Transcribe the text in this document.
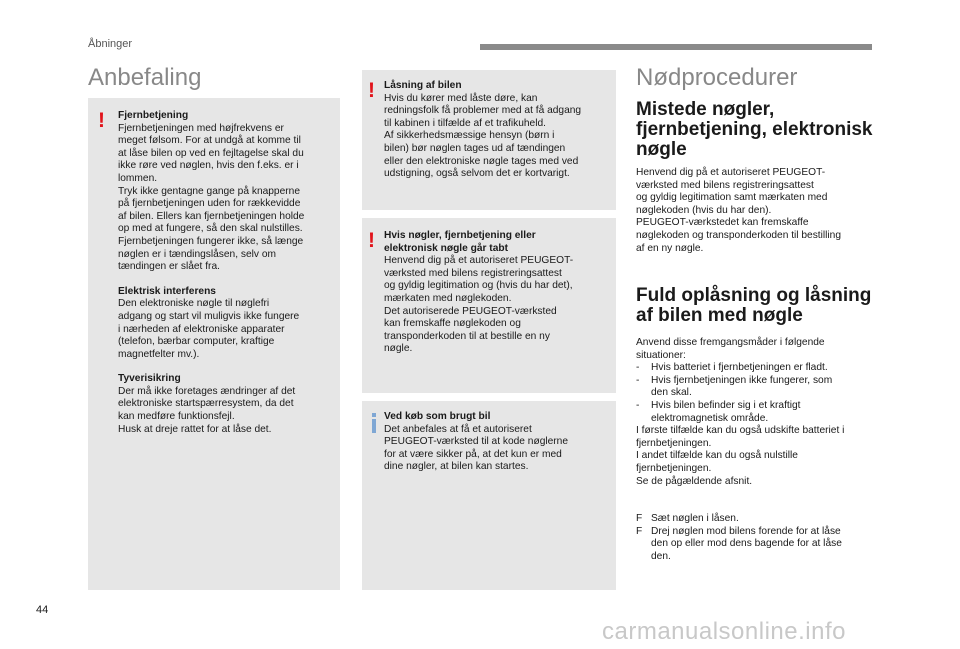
Åbninger
Anbefaling	Nødprocedurer
! Fjernbetjening

Fjernbetjeningen med højfrekvens er

meget følsom. For at undgå at komme til

at låse bilen op ved en fejltagelse skal du

ikke røre ved nøglen, hvis den f.eks. er i

lommen.

Tryk ikke gentagne gange på knapperne

på fjernbetjeningen uden for rækkevidde

af bilen. Ellers kan fjernbetjeningen holde

op med at fungere, så den skal nulstilles.

Fjernbetjeningen fungerer ikke, så længe

nøglen er i tændingslåsen, selv om

tændingen er slået fra.

Elektrisk interferens

Den elektroniske nøgle til nøglefri

adgang og start vil muligvis ikke fungere

i nærheden af elektroniske apparater

(telefon, bærbar computer, kraftige

magnetfelter mv.).

Tyverisikring

Der må ikke foretages ændringer af det

elektroniske startspærresystem, da det

kan medføre funktionsfejl.

Husk at dreje rattet for at låse det.

! Låsning af bilen

Hvis du kører med låste døre, kan

redningsfolk få problemer med at få adgang

til kabinen i tilfælde af et trafikuheld.

Af sikkerhedsmæssige hensyn (børn i

bilen) bør nøglen tages ud af tændingen

eller den elektroniske nøgle tages med ved

udstigning, også selvom det er kortvarigt.

! Hvis nøgler, fjernbetjening eller

elektronisk nøgle går tabt

Henvend dig på et autoriseret PEUGEOT-

værksted med bilens registreringsattest

og gyldig legitimation og (hvis du har det),

mærkaten med nøglekoden.

Det autoriserede PEUGEOT-værksted

kan fremskaffe nøglekoden og

transponderkoden til at bestille en ny

nøgle.

Ved køb som brugt bil

Det anbefales at få et autoriseret

PEUGEOT-værksted til at kode nøglerne

for at være sikker på, at det kun er med

dine nøgler, at bilen kan startes.

Mistede nøgler,

fjernbetjening, elektronisk

nøgle

Henvend dig på et autoriseret PEUGEOT-

værksted med bilens registreringsattest

og gyldig legitimation samt mærkaten med

nøglekoden (hvis du har den).

PEUGEOT-værkstedet kan fremskaffe

nøglekoden og transponderkoden til bestilling

af en ny nøgle.

Fuld oplåsning og låsning

af bilen med nøgle

Anvend disse fremgangsmåder i følgende

situationer:

-	Hvis batteriet i fjernbetjeningen er fladt.

-	Hvis fjernbetjeningen ikke fungerer, som

den skal.

-	Hvis bilen befinder sig i et kraftigt

elektromagnetisk område.

I første tilfælde kan du også udskifte batteriet i

fjernbetjeningen.

I andet tilfælde kan du også nulstille

fjernbetjeningen.

Se de pågældende afsnit.

F Sæt nøglen i låsen.

F Drej nøglen mod bilens forende for at låse

den op eller mod dens bagende for at låse

den.

44
carmanualsonline.info
